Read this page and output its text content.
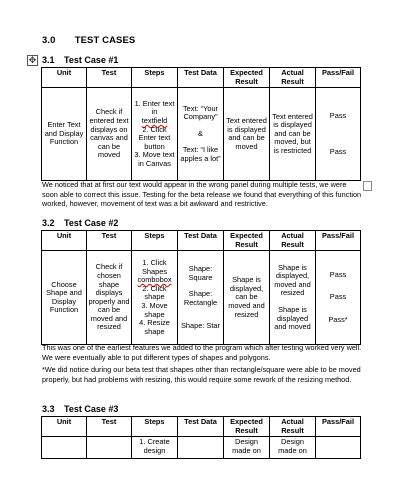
3.0  TEST CASES
✥ 3.1 Test Case #1
Unit	Test	Steps	Test Data	Expected Result	Actual Result	Pass/Fail
Enter Text and Display Function	Check if entered text displays on canvas and can be moved	1. Enter text in
textfield
2. Click Enter text button
3. Move text in Canvas	Text: “Your Company”
&
Text: “I like apples a lot”	Text entered is displayed and can be moved	Text entered is displayed and can be moved, but is restricted	Pass
Pass
We noticed that at first our text would appear in the wrong panel during multiple tests, we were soon able to correct this issue. Testing for the beta release we found that everything of this function worked, however, movement of text was a bit awkward and restrictive.
3.2 Test Case #2
Unit	Test	Steps	Test Data	Expected Result	Actual Result	Pass/Fail
Choose Shape and Display Function	Check if chosen shape displays properly and can be moved and resized	1. Click Shapes
combobox
2. Click shape
3. Move shape
4. Resize shape	Shape: Square
Shape: Rectangle
Shape: Star	Shape is displayed, can be moved and resized	Shape is displayed, moved and resized
Shape is displayed and moved	Pass
Pass
Pass*
This was one of the earliest features we added to the program which after testing worked very well. We were eventually able to put different types of shapes and polygons.
*We did notice during our beta test that shapes other than rectangle/square were able to be moved properly, but had problems with resizing, this would require some rework of the resizing method.
3.3 Test Case #3
Unit	Test	Steps	Test Data	Expected Result	Actual Result	Pass/Fail
		1. Create design		Design made on	Design made on	
